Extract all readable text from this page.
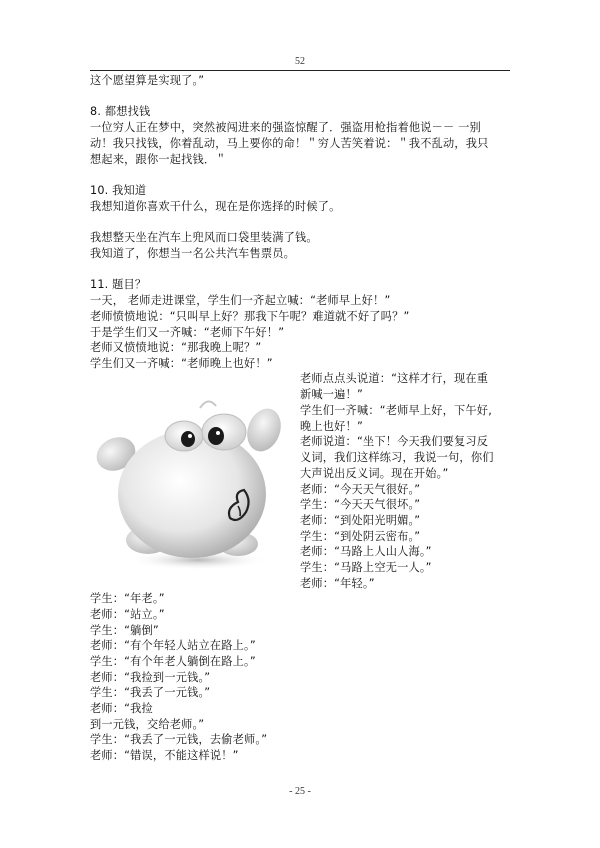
52
这个愿望算是实现了。”
8. 都想找钱
一位穷人正在梦中，突然被闯进来的强盗惊醒了．强盗用枪指着他说－－ 一别
动！我只找钱，你着乱动，马上要你的命！＂穷人苦笑着说：＂我不乱动，我只
想起来，跟你一起找钱．＂
10. 我知道
我想知道你喜欢干什么，现在是你选择的时候了。
我想整天坐在汽车上兜风而口袋里装满了钱。
我知道了，你想当一名公共汽车售票员。
11. 题目？
一天， 老师走进课堂，学生们一齐起立喊：“老师早上好！”
老师愤愤地说：“只叫早上好？那我下午呢？难道就不好了吗？”
于是学生们又一齐喊：“老师下午好！”
老师又愤愤地说：“那我晚上呢？”
学生们又一齐喊：“老师晚上也好！”
老师点点头说道：“这样才行，现在重
新喊一遍！”
学生们一齐喊：“老师早上好，下午好,
晚上也好！”
老师说道：“坐下！今天我们要复习反
义词，我们这样练习，我说一句，你们
大声说出反义词。现在开始。”
老师：“今天天气很好。”
学生：“今天天气很坏。”
老师：“到处阳光明媚。”
学生：“到处阴云密布。”
老师：“马路上人山人海。”
学生：“马路上空无一人。”
老师：“年轻。”
学生：“年老。”
老师：“站立。”
学生：“躺倒”
老师：“有个年轻人站立在路上。”
学生：“有个年老人躺倒在路上。”
老师：“我捡到一元钱。”
学生：“我丢了一元钱。”
老师：“我捡
到一元钱，交给老师。”
学生：“我丢了一元钱，去偷老师。”
老师：“错误，不能这样说！”
- 25 -
